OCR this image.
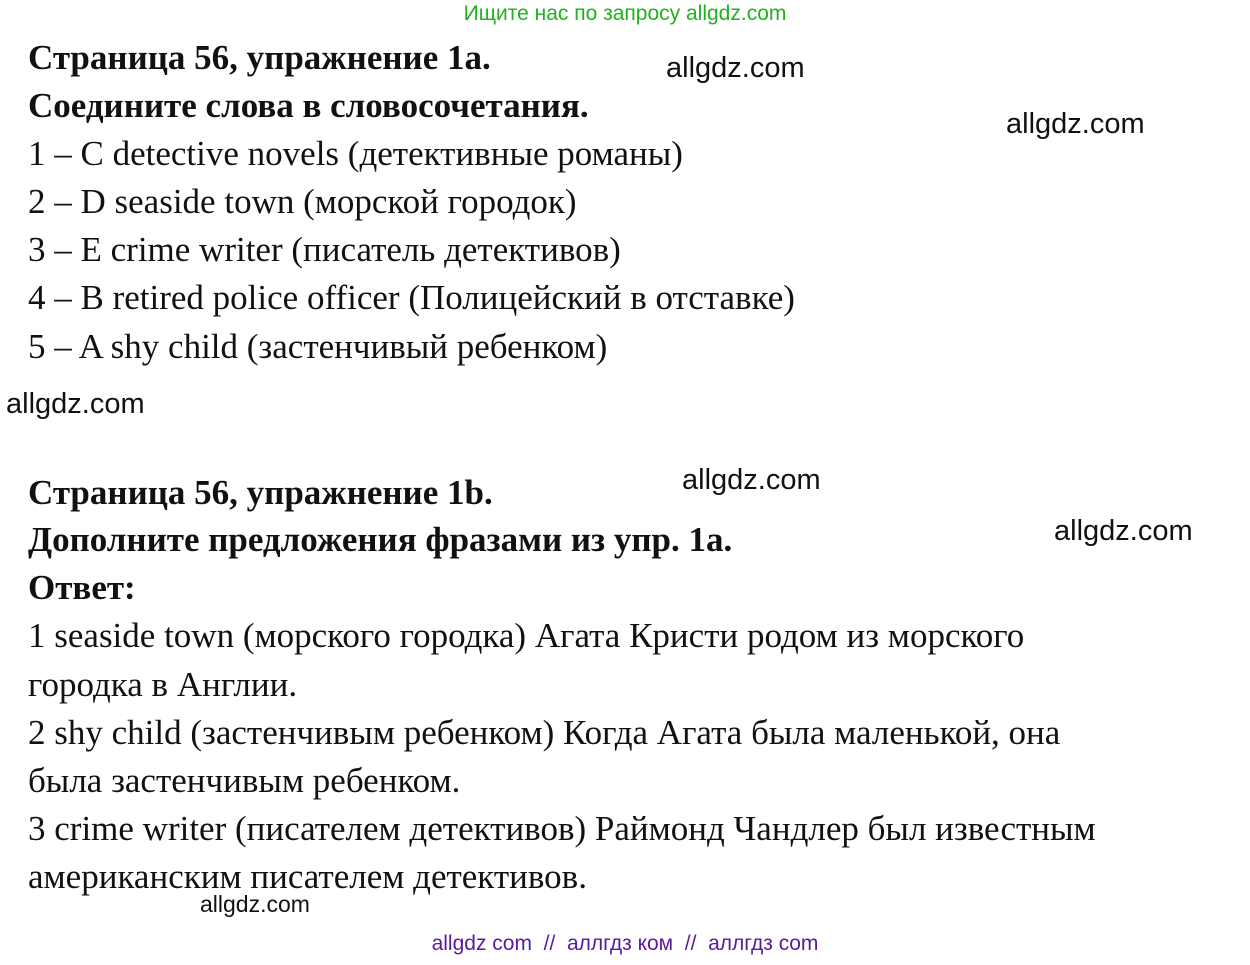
Ищите нас по запросу allgdz.com
Страница 56, упражнение 1a.
Соедините слова в словосочетания.
1 – C detective novels (детективные романы)
2 – D seaside town (морской городок)
3 – E crime writer (писатель детективов)
4 – B retired police officer (Полицейский в отставке)
5 – A shy child (застенчивый ребенком)
Страница 56, упражнение 1b.
Дополните предложения фразами из упр. 1a.
Ответ:
1 seaside town (морского городка) Агата Кристи родом из морского
городка в Англии.
2 shy child (застенчивым ребенком) Когда Агата была маленькой, она
была застенчивым ребенком.
3 crime writer (писателем детективов) Раймонд Чандлер был известным
американским писателем детективов.
allgdz.com
allgdz.com
allgdz.com
allgdz.com
allgdz.com
allgdz.com
allgdz com  //  аллгдз ком  //  аллгдз com
